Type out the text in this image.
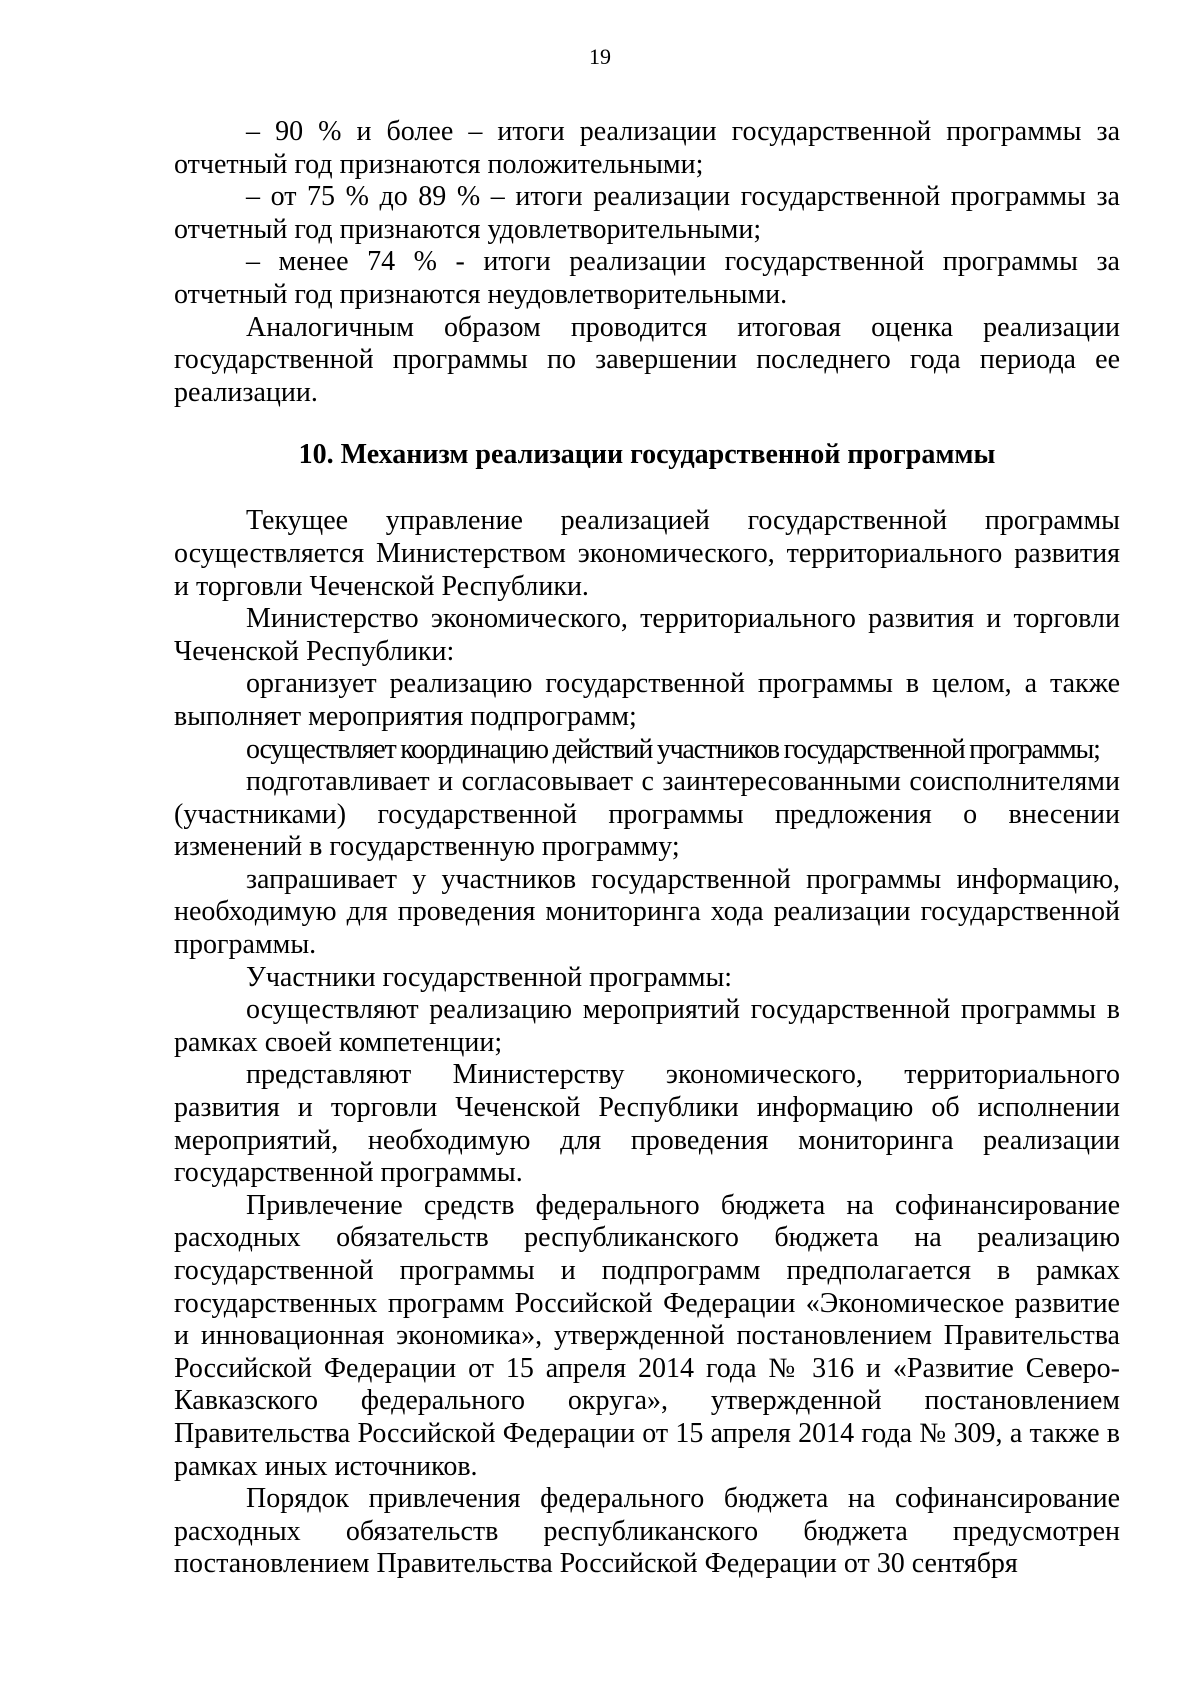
19

– 90 % и более – итоги реализации государственной программы за отчетный год признаются положительными;

– от 75 % до 89 % – итоги реализации государственной программы за отчетный год признаются удовлетворительными;

– менее 74 % - итоги реализации государственной программы за отчетный год признаются неудовлетворительными.

Аналогичным образом проводится итоговая оценка реализации государственной программы по завершении последнего года периода ее реализации.

10. Механизм реализации государственной программы

Текущее управление реализацией государственной программы осуществляется Министерством экономического, территориального развития и торговли Чеченской Республики.

Министерство экономического, территориального развития и торговли Чеченской Республики:

организует реализацию государственной программы в целом, а также выполняет мероприятия подпрограмм;

осуществляет координацию действий участников государственной программы;

подготавливает и согласовывает с заинтересованными соисполнителями (участниками) государственной программы предложения о внесении изменений в государственную программу;

запрашивает у участников государственной программы информацию, необходимую для проведения мониторинга хода реализации государственной программы.

Участники государственной программы:

осуществляют реализацию мероприятий государственной программы в рамках своей компетенции;

представляют Министерству экономического, территориального развития и торговли Чеченской Республики информацию об исполнении мероприятий, необходимую для проведения мониторинга реализации государственной программы.

Привлечение средств федерального бюджета на софинансирование расходных обязательств республиканского бюджета на реализацию государственной программы и подпрограмм предполагается в рамках государственных программ Российской Федерации «Экономическое развитие и инновационная экономика», утвержденной постановлением Правительства Российской Федерации от 15 апреля 2014 года № 316 и «Развитие Северо-Кавказского федерального округа», утвержденной постановлением Правительства Российской Федерации от 15 апреля 2014 года № 309, а также в рамках иных источников.

Порядок привлечения федерального бюджета на софинансирование расходных обязательств республиканского бюджета предусмотрен постановлением Правительства Российской Федерации от 30 сентября
